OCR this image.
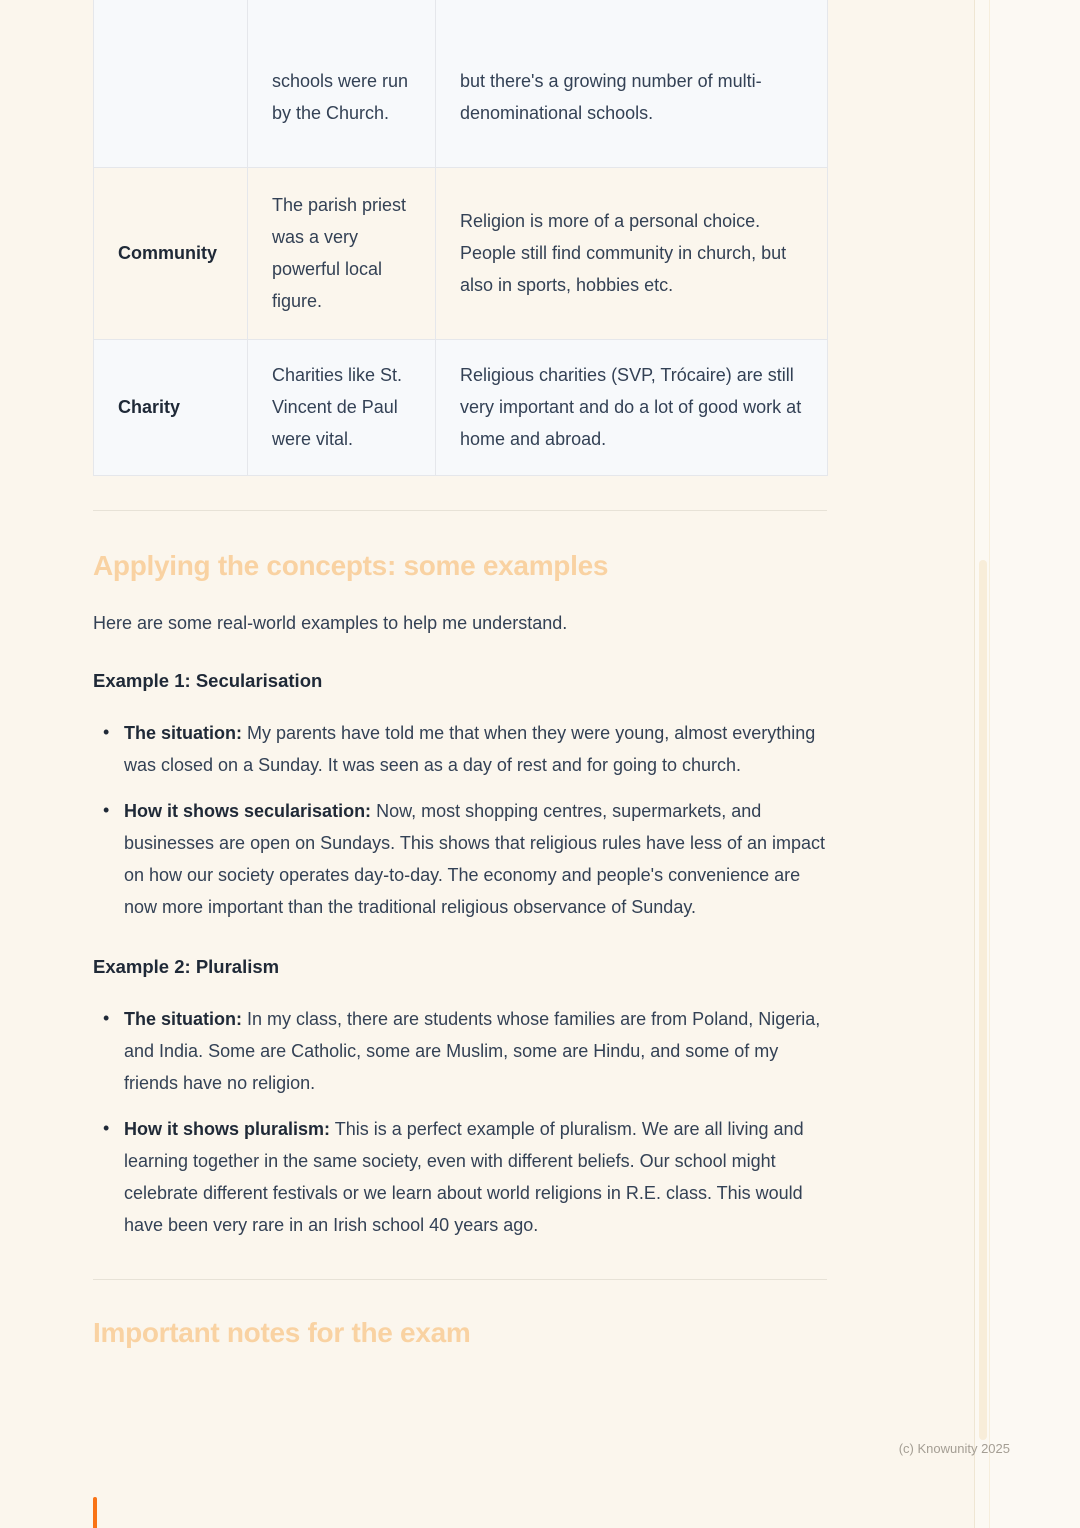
	schools were run by the Church.	but there's a growing number of multi-denominational schools.
Community	The parish priest was a very powerful local figure.	Religion is more of a personal choice. People still find community in church, but also in sports, hobbies etc.
Charity	Charities like St. Vincent de Paul were vital.	Religious charities (SVP, Trócaire) are still very important and do a lot of good work at home and abroad.
Applying the concepts: some examples

Here are some real-world examples to help me understand.

Example 1: Secularisation
• The situation: My parents have told me that when they were young, almost everything was closed on a Sunday. It was seen as a day of rest and for going to church.
• How it shows secularisation: Now, most shopping centres, supermarkets, and businesses are open on Sundays. This shows that religious rules have less of an impact on how our society operates day-to-day. The economy and people's convenience are now more important than the traditional religious observance of Sunday.
Example 2: Pluralism
• The situation: In my class, there are students whose families are from Poland, Nigeria, and India. Some are Catholic, some are Muslim, some are Hindu, and some of my friends have no religion.
• How it shows pluralism: This is a perfect example of pluralism. We are all living and learning together in the same society, even with different beliefs. Our school might celebrate different festivals or we learn about world religions in R.E. class. This would have been very rare in an Irish school 40 years ago.
Important notes for the exam
(c) Knowunity 2025
